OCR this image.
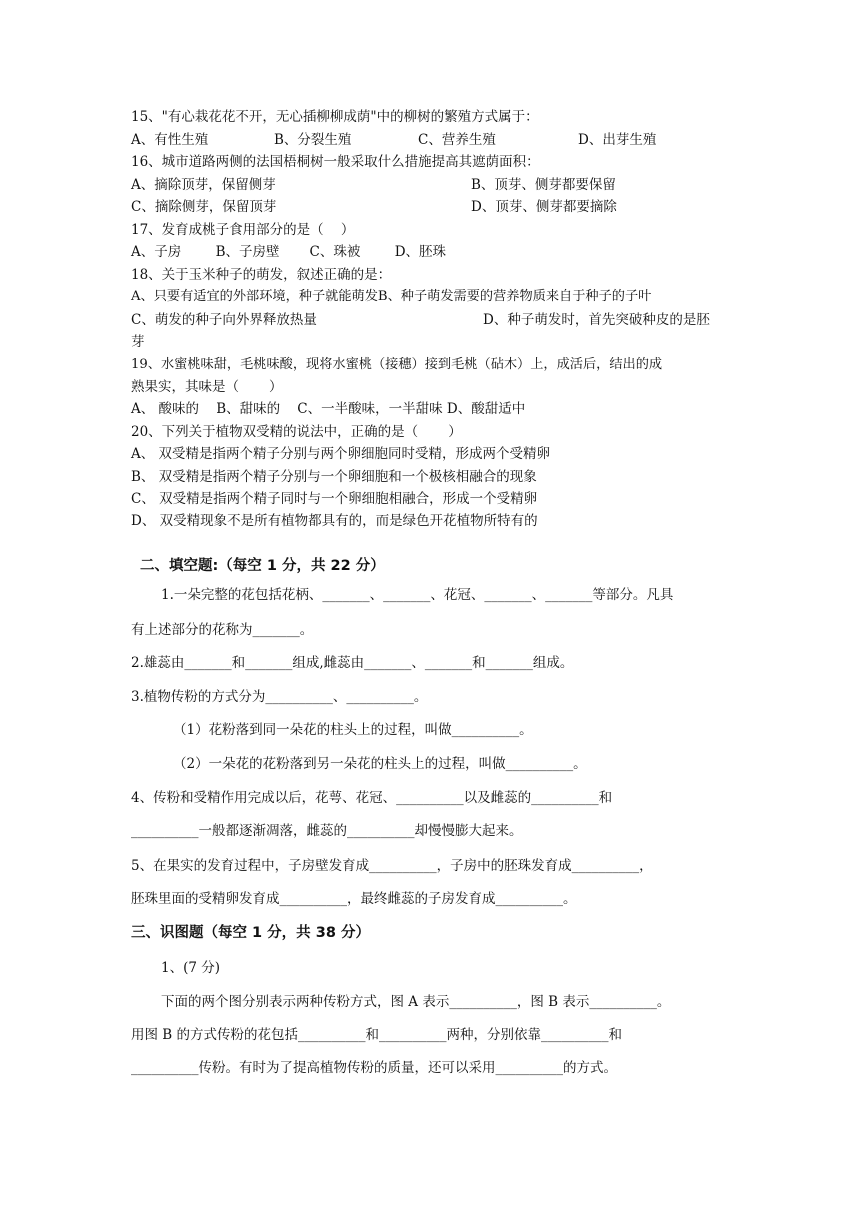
15、"有心栽花花不开，无心插柳柳成荫"中的柳树的繁殖方式属于：
A、有性生殖	B、分裂生殖	C、营养生殖	D、出芽生殖
16、城市道路两侧的法国梧桐树一般采取什么措施提高其遮荫面积：
A、摘除顶芽，保留侧芽	B、顶芽、侧芽都要保留
C、摘除侧芽，保留顶芽	D、顶芽、侧芽都要摘除
17、发育成桃子食用部分的是（    ）
A、子房        B、子房壁       C、珠被        D、胚珠
18、关于玉米种子的萌发，叙述正确的是：
A、只要有适宜的外部环境，种子就能萌发B、种子萌发需要的营养物质来自于种子的子叶
C、萌发的种子向外界释放热量	D、种子萌发时，首先突破种皮的是胚
芽
19、水蜜桃味甜，毛桃味酸，现将水蜜桃（接穗）接到毛桃（砧木）上，成活后，结出的成
熟果实，其味是（       ）
A、 酸味的    B、甜味的    C、一半酸味，一半甜味 D、酸甜适中
20、下列关于植物双受精的说法中，正确的是（       ）
A、 双受精是指两个精子分别与两个卵细胞同时受精，形成两个受精卵
B、 双受精是指两个精子分别与一个卵细胞和一个极核相融合的现象
C、 双受精是指两个精子同时与一个卵细胞相融合，形成一个受精卵
D、 双受精现象不是所有植物都具有的，而是绿色开花植物所特有的
二、填空题:（每空 1 分，共 22 分）
1.一朵完整的花包括花柄、_______、_______、花冠、_______、_______等部分。凡具
有上述部分的花称为_______。
2.雄蕊由_______和_______组成,雌蕊由_______、_______和_______组成。
3.植物传粉的方式分为__________、__________。
（1）花粉落到同一朵花的柱头上的过程，叫做__________。
（2）一朵花的花粉落到另一朵花的柱头上的过程，叫做__________。
4、传粉和受精作用完成以后，花萼、花冠、__________以及雌蕊的__________和
__________一般都逐渐凋落，雌蕊的__________却慢慢膨大起来。
5、在果实的发育过程中，子房壁发育成__________，子房中的胚珠发育成__________，
胚珠里面的受精卵发育成__________，最终雌蕊的子房发育成__________。
三、识图题（每空 1 分，共 38 分）
1、(7 分)
下面的两个图分别表示两种传粉方式，图 A 表示__________，图 B 表示__________。
用图 B 的方式传粉的花包括__________和__________两种，分别依靠__________和
__________传粉。有时为了提高植物传粉的质量，还可以采用__________的方式。
